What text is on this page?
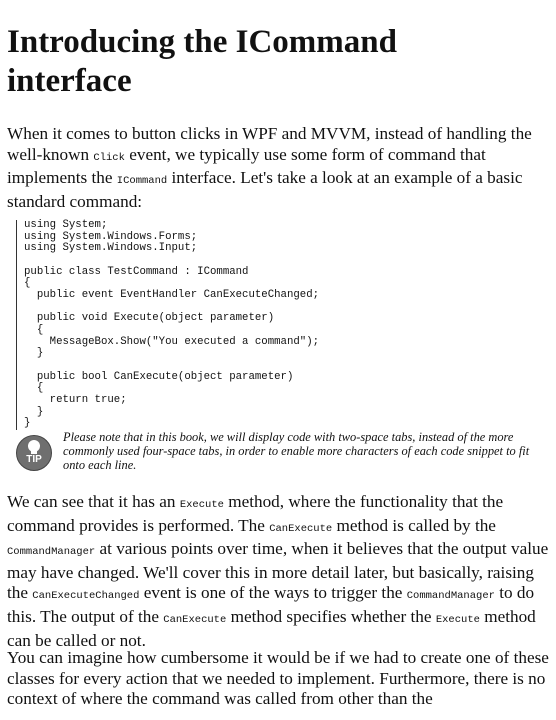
Introducing the ICommand
interface

When it comes to button clicks in WPF and MVVM, instead of handling the well-known Click event, we typically use some form of command that implements the ICommand interface. Let's take a look at an example of a basic standard command:

using System;
using System.Windows.Forms;
using System.Windows.Input;

public class TestCommand : ICommand
{
public event EventHandler CanExecuteChanged;

public void Execute(object parameter)
{
MessageBox.Show("You executed a command");
}

public bool CanExecute(object parameter)
{
return true;
}
}
TIP

Please note that in this book, we will display code with two-space tabs, instead of the more commonly used four-space tabs, in order to enable more characters of each code snippet to fit onto each line.

We can see that it has an Execute method, where the functionality that the command provides is performed. The CanExecute method is called by the CommandManager at various points over time, when it believes that the output value may have changed. We'll cover this in more detail later, but basically, raising the CanExecuteChanged event is one of the ways to trigger the CommandManager to do this. The output of the CanExecute method specifies whether the Execute method can be called or not.

You can imagine how cumbersome it would be if we had to create one of these classes for every action that we needed to implement. Furthermore, there is no context of where the command was called from other than the
